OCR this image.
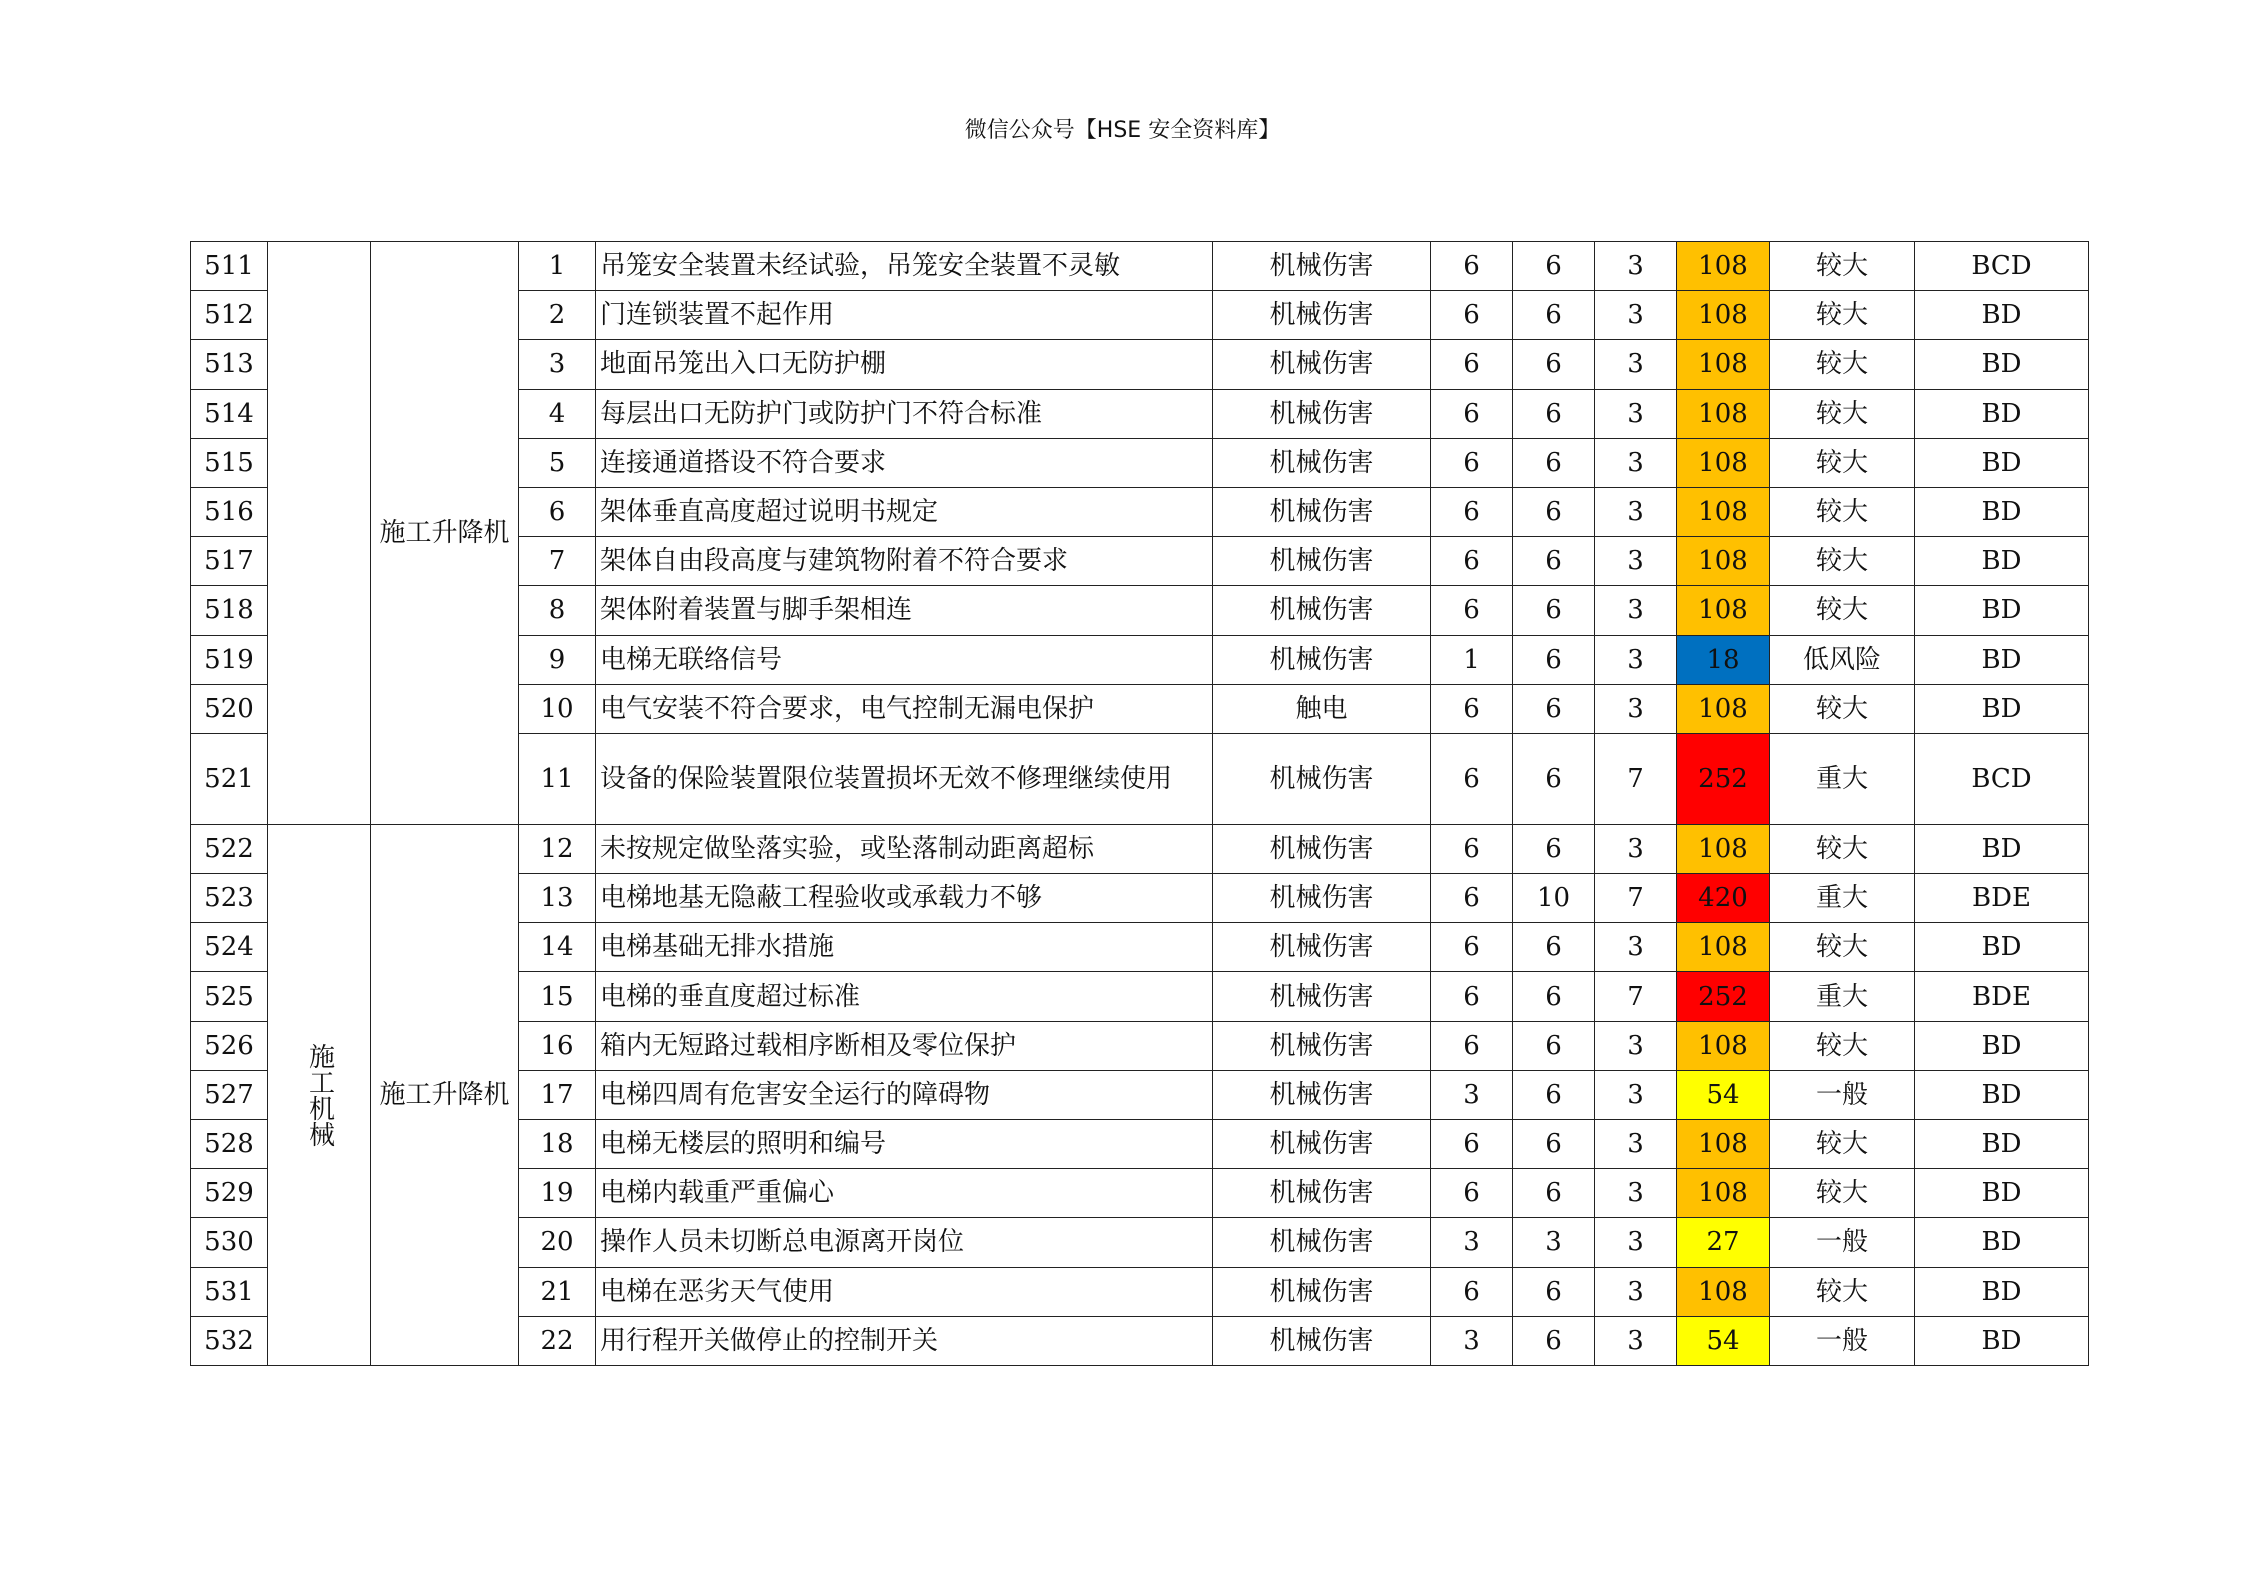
微信公众号【HSE 安全资料库】
511		施工升降机	1	吊笼安全装置未经试验，吊笼安全装置不灵敏	机械伤害	6	6	3	108	较大	BCD
512			2	门连锁装置不起作用	机械伤害	6	6	3	108	较大	BD
513			3	地面吊笼出入口无防护棚	机械伤害	6	6	3	108	较大	BD
514			4	每层出口无防护门或防护门不符合标准	机械伤害	6	6	3	108	较大	BD
515			5	连接通道搭设不符合要求	机械伤害	6	6	3	108	较大	BD
516			6	架体垂直高度超过说明书规定	机械伤害	6	6	3	108	较大	BD
517			7	架体自由段高度与建筑物附着不符合要求	机械伤害	6	6	3	108	较大	BD
518			8	架体附着装置与脚手架相连	机械伤害	6	6	3	108	较大	BD
519			9	电梯无联络信号	机械伤害	1	6	3	18	低风险	BD
520			10	电气安装不符合要求，电气控制无漏电保护	触电	6	6	3	108	较大	BD
521			11	设备的保险装置限位装置损坏无效不修理继续使用	机械伤害	6	6	7	252	重大	BCD
522	施工机械	施工升降机	12	未按规定做坠落实验，或坠落制动距离超标	机械伤害	6	6	3	108	较大	BD
523			13	电梯地基无隐蔽工程验收或承载力不够	机械伤害	6	10	7	420	重大	BDE
524			14	电梯基础无排水措施	机械伤害	6	6	3	108	较大	BD
525			15	电梯的垂直度超过标准	机械伤害	6	6	7	252	重大	BDE
526			16	箱内无短路过载相序断相及零位保护	机械伤害	6	6	3	108	较大	BD
527			17	电梯四周有危害安全运行的障碍物	机械伤害	3	6	3	54	一般	BD
528			18	电梯无楼层的照明和编号	机械伤害	6	6	3	108	较大	BD
529			19	电梯内载重严重偏心	机械伤害	6	6	3	108	较大	BD
530			20	操作人员未切断总电源离开岗位	机械伤害	3	3	3	27	一般	BD
531			21	电梯在恶劣天气使用	机械伤害	6	6	3	108	较大	BD
532			22	用行程开关做停止的控制开关	机械伤害	3	6	3	54	一般	BD
